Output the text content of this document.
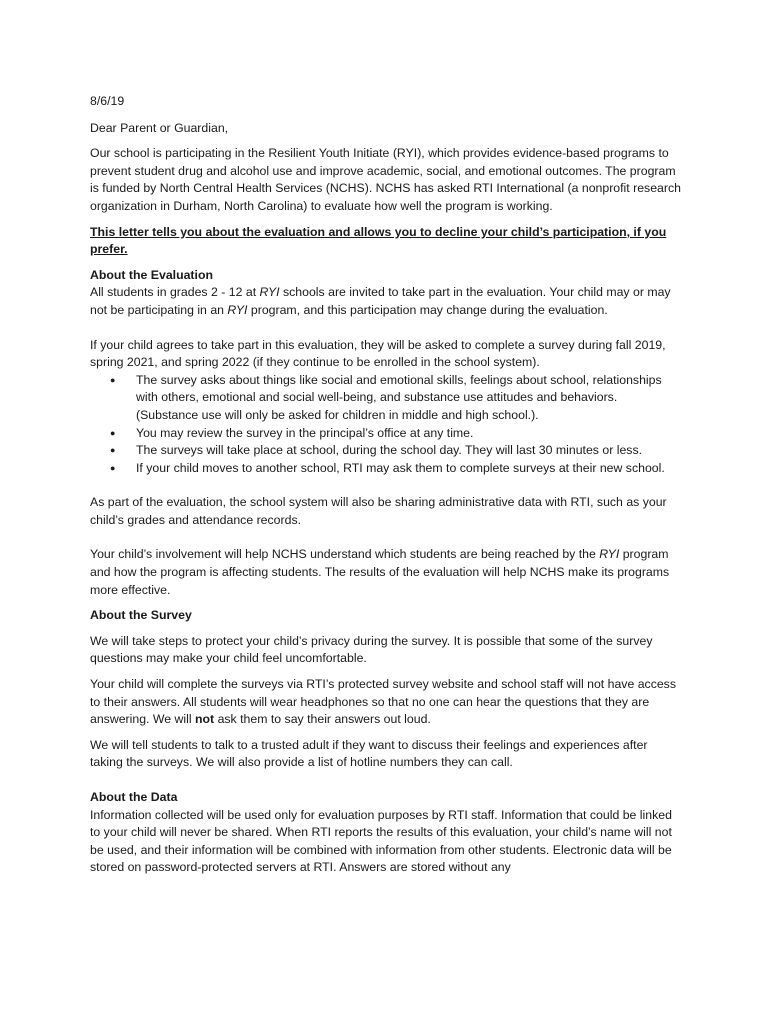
8/6/19

Dear Parent or Guardian,

Our school is participating in the Resilient Youth Initiate (RYI), which provides evidence-based programs to prevent student drug and alcohol use and improve academic, social, and emotional outcomes. The program is funded by North Central Health Services (NCHS). NCHS has asked RTI International (a nonprofit research organization in Durham, North Carolina) to evaluate how well the program is working.

This letter tells you about the evaluation and allows you to decline your child’s participation, if you prefer.

About the Evaluation

All students in grades 2 - 12 at RYI schools are invited to take part in the evaluation. Your child may or may not be participating in an RYI program, and this participation may change during the evaluation.

If your child agrees to take part in this evaluation, they will be asked to complete a survey during fall 2019, spring 2021, and spring 2022 (if they continue to be enrolled in the school system).

● The survey asks about things like social and emotional skills, feelings about school, relationships with others, emotional and social well-being, and substance use attitudes and behaviors. (Substance use will only be asked for children in middle and high school.).
● You may review the survey in the principal’s office at any time.
● The surveys will take place at school, during the school day. They will last 30 minutes or less.
● If your child moves to another school, RTI may ask them to complete surveys at their new school.

As part of the evaluation, the school system will also be sharing administrative data with RTI, such as your child’s grades and attendance records.

Your child’s involvement will help NCHS understand which students are being reached by the RYI program and how the program is affecting students. The results of the evaluation will help NCHS make its programs more effective.

About the Survey

We will take steps to protect your child’s privacy during the survey. It is possible that some of the survey questions may make your child feel uncomfortable.

Your child will complete the surveys via RTI’s protected survey website and school staff will not have access to their answers. All students will wear headphones so that no one can hear the questions that they are answering. We will not ask them to say their answers out loud.

We will tell students to talk to a trusted adult if they want to discuss their feelings and experiences after taking the surveys. We will also provide a list of hotline numbers they can call.

About the Data

Information collected will be used only for evaluation purposes by RTI staff. Information that could be linked to your child will never be shared. When RTI reports the results of this evaluation, your child’s name will not be used, and their information will be combined with information from other students. Electronic data will be stored on password-protected servers at RTI. Answers are stored without any
